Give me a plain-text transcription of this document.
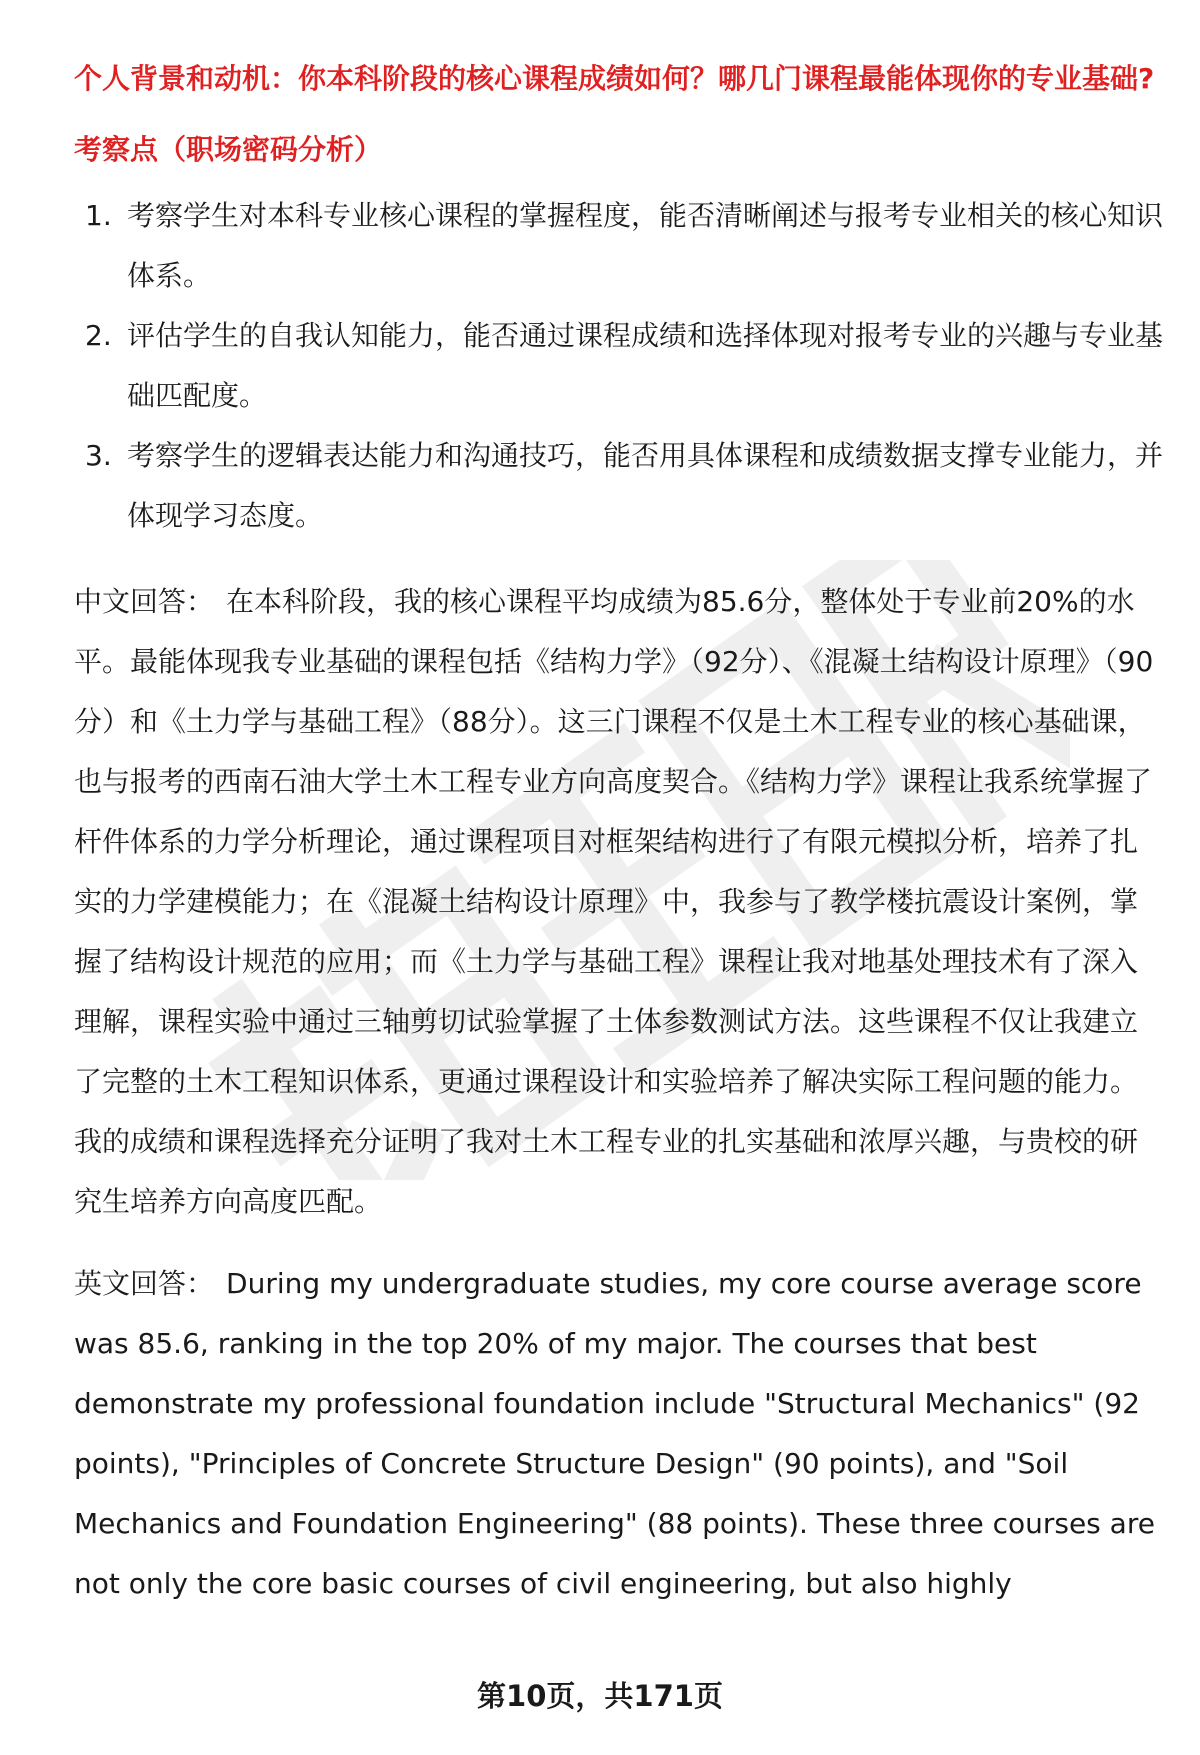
个人背景和动机：你本科阶段的核心课程成绩如何？哪几门课程最能体现你的专业基础?
考察点（职场密码分析）
1. 考察学生对本科专业核心课程的掌握程度，能否清晰阐述与报考专业相关的核心知识体系。
2. 评估学生的自我认知能力，能否通过课程成绩和选择体现对报考专业的兴趣与专业基础匹配度。
3. 考察学生的逻辑表达能力和沟通技巧，能否用具体课程和成绩数据支撑专业能力，并体现学习态度。

中文回答： 在本科阶段，我的核心课程平均成绩为85.6分，整体处于专业前20%的水平。最能体现我专业基础的课程包括《结构力学》（92分）、《混凝土结构设计原理》（90分）和《土力学与基础工程》（88分）。这三门课程不仅是土木工程专业的核心基础课，也与报考的西南石油大学土木工程专业方向高度契合。《结构力学》课程让我系统掌握了杆件体系的力学分析理论，通过课程项目对框架结构进行了有限元模拟分析，培养了扎实的力学建模能力；在《混凝土结构设计原理》中，我参与了教学楼抗震设计案例，掌握了结构设计规范的应用；而《土力学与基础工程》课程让我对地基处理技术有了深入理解，课程实验中通过三轴剪切试验掌握了土体参数测试方法。这些课程不仅让我建立了完整的土木工程知识体系，更通过课程设计和实验培养了解决实际工程问题的能力。我的成绩和课程选择充分证明了我对土木工程专业的扎实基础和浓厚兴趣，与贵校的研究生培养方向高度匹配。

英文回答： During my undergraduate studies, my core course average score was 85.6, ranking in the top 20% of my major. The courses that best demonstrate my professional foundation include "Structural Mechanics" (92 points), "Principles of Concrete Structure Design" (90 points), and "Soil Mechanics and Foundation Engineering" (88 points). These three courses are not only the core basic courses of civil engineering, but also highly

第10页，共171页
